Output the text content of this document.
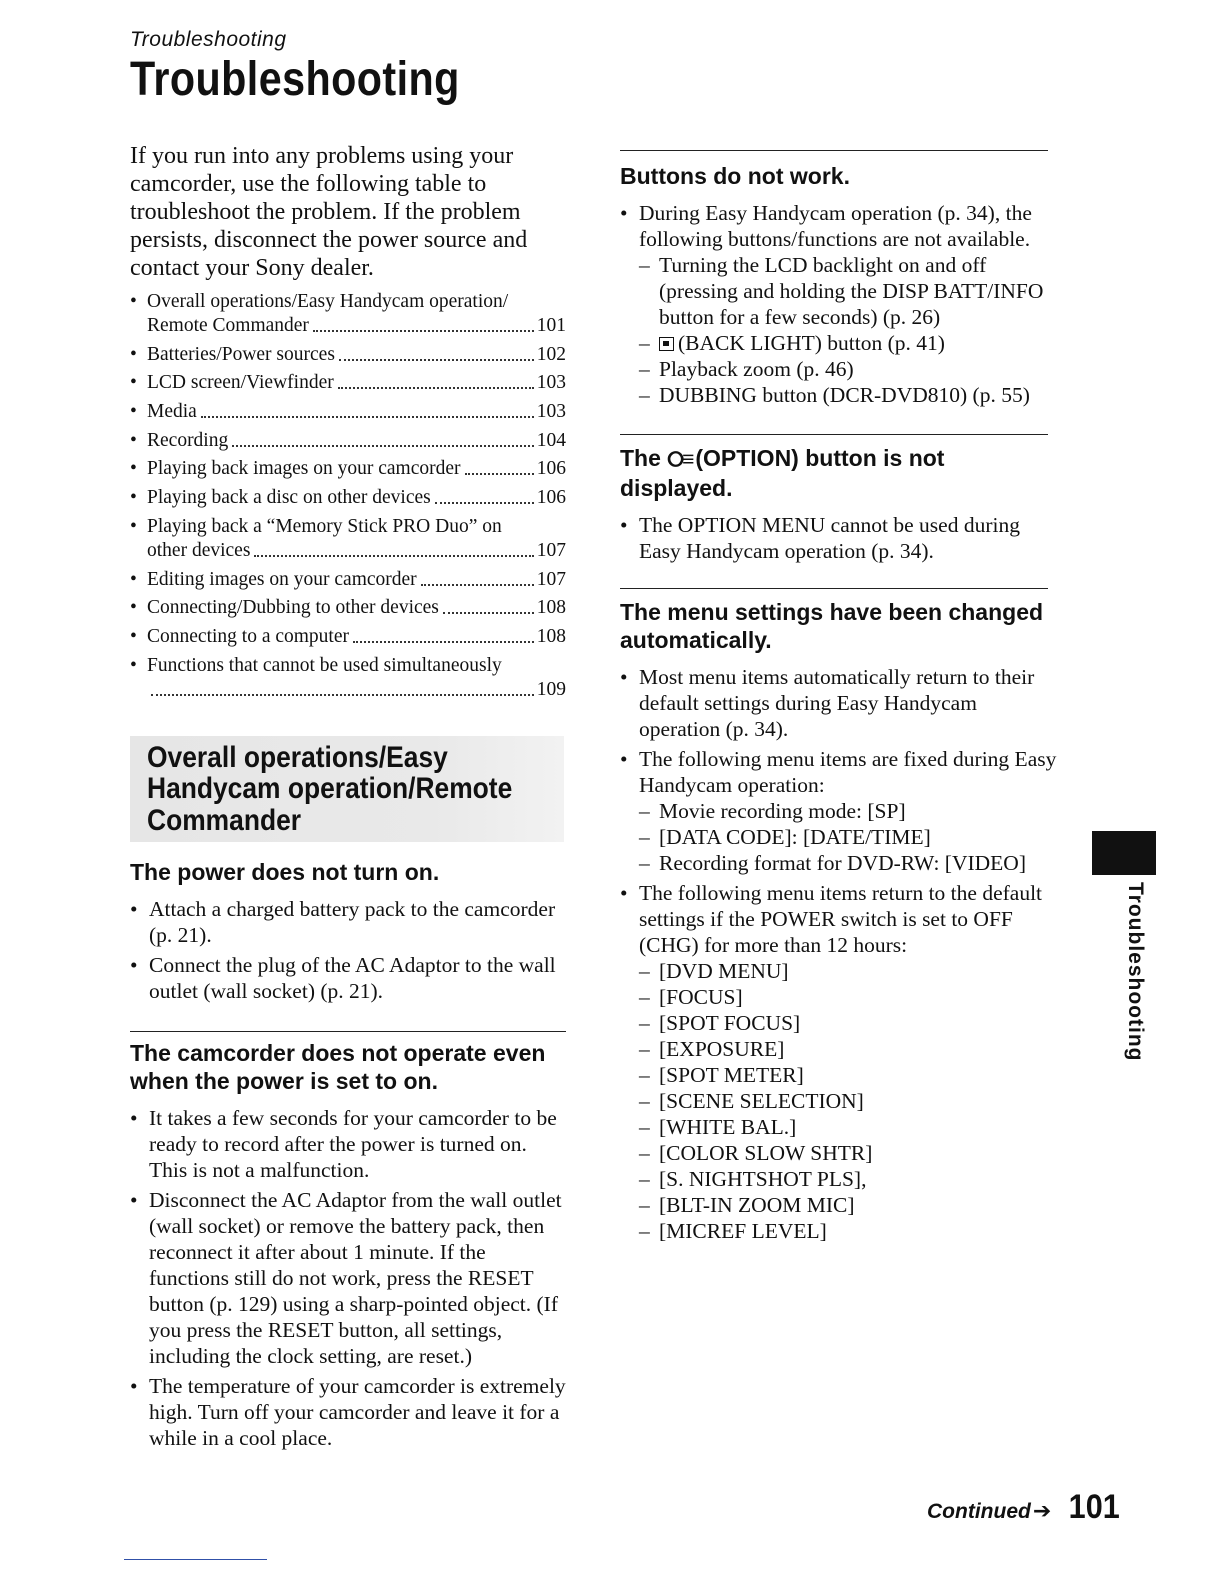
Troubleshooting
Troubleshooting

If you run into any problems using your camcorder, use the following table to troubleshoot the problem. If the problem persists, disconnect the power source and contact your Sony dealer.

• Overall operations/Easy Handycam operation/
Remote Commander	101
• Batteries/Power sources	102
• LCD screen/Viewfinder	103
• Media	103
• Recording	104
• Playing back images on your camcorder	106
• Playing back a disc on other devices	106
• Playing back a “Memory Stick PRO Duo” on
other devices	107
• Editing images on your camcorder	107
• Connecting/Dubbing to other devices	108
• Connecting to a computer	108
• Functions that cannot be used simultaneously
109
Overall operations/Easy Handycam operation/Remote Commander
The power does not turn on.
• Attach a charged battery pack to the camcorder (p. 21).
• Connect the plug of the AC Adaptor to the wall outlet (wall socket) (p. 21).
The camcorder does not operate even when the power is set to on.
• It takes a few seconds for your camcorder to be ready to record after the power is turned on. This is not a malfunction.
• Disconnect the AC Adaptor from the wall outlet (wall socket) or remove the battery pack, then reconnect it after about 1 minute. If the functions still do not work, press the RESET button (p. 129) using a sharp-pointed object. (If you press the RESET button, all settings, including the clock setting, are reset.)
• The temperature of your camcorder is extremely high. Turn off your camcorder and leave it for a while in a cool place.
Buttons do not work.
• During Easy Handycam operation (p. 34), the following buttons/functions are not available.
– Turning the LCD backlight on and off (pressing and holding the DISP BATT/INFO button for a few seconds) (p. 26)
– (BACK LIGHT) button (p. 41)
– Playback zoom (p. 46)
– DUBBING button (DCR-DVD810) (p. 55)
The ⭘≡ (OPTION) button is not displayed.
• The OPTION MENU cannot be used during Easy Handycam operation (p. 34).
The menu settings have been changed automatically.
• Most menu items automatically return to their default settings during Easy Handycam operation (p. 34).
• The following menu items are fixed during Easy Handycam operation:
– Movie recording mode: [SP]
– [DATA CODE]: [DATE/TIME]
– Recording format for DVD-RW: [VIDEO]
• The following menu items return to the default settings if the POWER switch is set to OFF (CHG) for more than 12 hours:
– [DVD MENU]
– [FOCUS]
– [SPOT FOCUS]
– [EXPOSURE]
– [SPOT METER]
– [SCENE SELECTION]
– [WHITE BAL.]
– [COLOR SLOW SHTR]
– [S. NIGHTSHOT PLS],
– [BLT-IN ZOOM MIC]
– [MICREF LEVEL]
Troubleshooting
Continued ➔ 101
